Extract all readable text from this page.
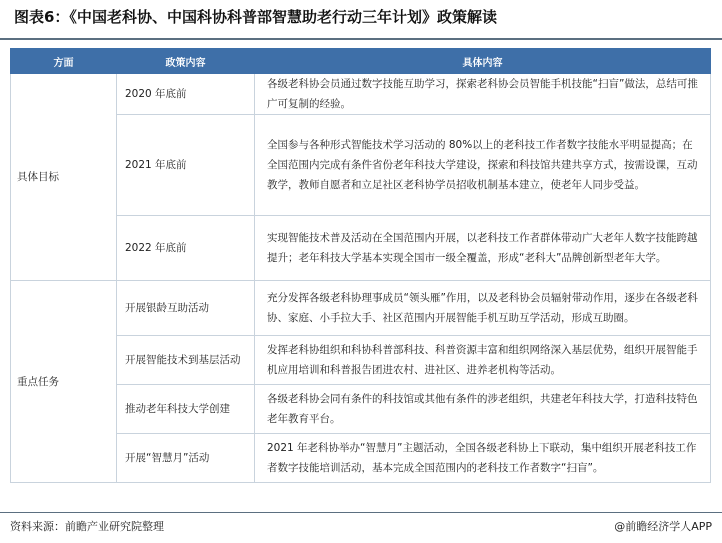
图表6：《中国老科协、中国科协科普部智慧助老行动三年计划》政策解读
方面	政策内容	具体内容
具体目标	2020 年底前	各级老科协会员通过数字技能互助学习，探索老科协会员智能手机技能“扫盲”做法，总结可推广可复制的经验。
	2021 年底前	全国参与各种形式智能技术学习活动的 80%以上的老科技工作者数字技能水平明显提高；在全国范围内完成有条件省份老年科技大学建设，探索和科技馆共建共享方式，按需设课，互动教学，教师自愿者和立足社区老科协学员招收机制基本建立，使老年人同步受益。
	2022 年底前	实现智能技术普及活动在全国范围内开展，以老科技工作者群体带动广大老年人数字技能跨越提升；老年科技大学基本实现全国市一级全覆盖，形成“老科大”品牌创新型老年大学。
重点任务	开展银龄互助活动	充分发挥各级老科协理事成员“领头雁”作用，以及老科协会员辐射带动作用，逐步在各级老科协、家庭、小手拉大手、社区范围内开展智能手机互助互学活动，形成互助圈。
	开展智能技术到基层活动	发挥老科协组织和科协科普部科技、科普资源丰富和组织网络深入基层优势，组织开展智能手机应用培训和科普报告团进农村、进社区、进养老机构等活动。
	推动老年科技大学创建	各级老科协会同有条件的科技馆或其他有条件的涉老组织，共建老年科技大学，打造科技特色老年教育平台。
	开展“智慧月”活动	2021 年老科协举办“智慧月”主题活动，全国各级老科协上下联动，集中组织开展老科技工作者数字技能培训活动，基本完成全国范围内的老科技工作者数字“扫盲”。
资料来源：前瞻产业研究院整理	@前瞻经济学人APP
